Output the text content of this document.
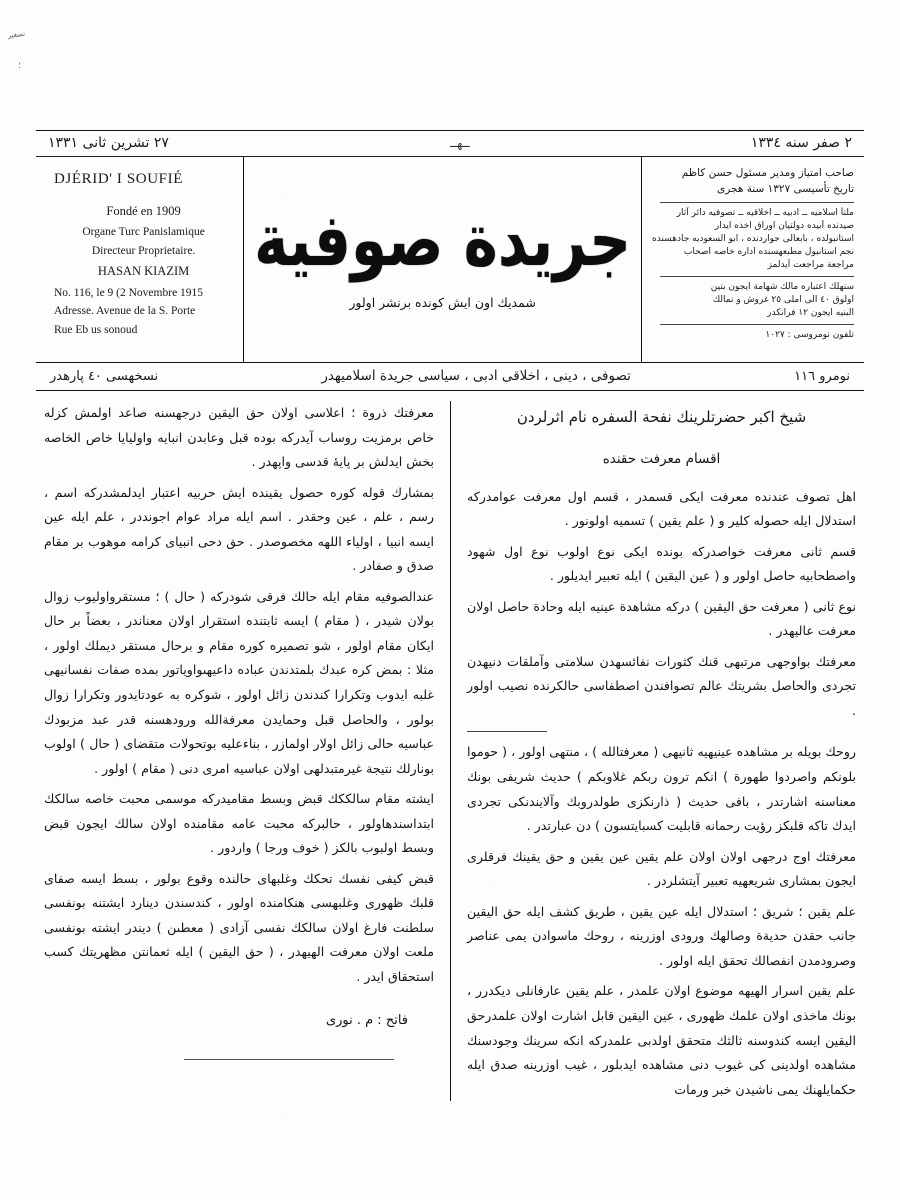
تصغير
؛
٢ صفر سنه ١٣٣٤
ــهــ
٢٧ تشرين ثانى ١٣٣١
صاحب امتياز ومدير مسئول حسن كاظم
تاريخ تأسيسى ١٣٢٧ سنة هجرى
ملتأ اسلاميه ــ ادبيه ــ اخلاقيه ــ تصوفيه دائر آثار
صيدنده آبيده دولتيان اوراق اخذه ايدار
استانبولده ، بابعالى جواردنده ، ابو السعوديه جادهسنده
نجم استانبول مطبعهسنده اداره خاصه اصحاب
مراجعة مراجعت آيدلمز
سنهلك اعتباره مالك شهامة ايجون بتين
اولوق ٤٠ الى املى ٢٥ غروش و نمالك
البنيه ايجون ١٢ فرانكدر
تلفون نومروسى : ١٠٢٧
جريدة صوفية
شمديك اون ايش كونده برنشر اولور
DJÉRID' I SOUFIÉ
Fondé en 1909
Organe Turc Panislamique
Directeur Proprietaire.
HASAN KIAZIM
No. 116, le 9 (2 Novembre 1915
Adresse. Avenue de la S. Porte
Rue Eb us sonoud
نومرو ١١٦
تصوفى ، دينى ، اخلاقى ادبى ، سياسى جريدة اسلاميهدر
نسخهسى ٤٠ پارهدر
شيخ اكبر حضرتلرينك نفحة السفره نام اثرلردن
اقسام معرفت حقنده
اهل تصوف عندنده معرفت ايكى قسمدر ، قسم اول معرفت عوامدرکه استدلال ايله حصوله كلير و ( علم يقين ) تسميه اولونور .
قسم ثانى معرفت خواصدركه بونده ايكى نوع اولوب نوع اول شهود واصطحابيه حاصل اولور و ( عين اليقين ) ايله تعبير ايديلور .
نوع ثانى ( معرفت حق اليقين ) دركه مشاهدة عينيه ايله وحادة حاصل اولان معرفت عاليهدر .
معرفتك بواوجهى مرتبهى قنك كثورات نفائسهدن سلامتى وآملقات دنيهدن تجردى والحاصل بشريتك عالم تصوافندن اصطفاسى حالكرنده نصيب اولور .
روحك بويله بر مشاهده عينيهيه ثانيهى ( معرفتالله ) ، منتهى اولور ، ( حوموا بلونكم واصردوا طهورة ) انكم ترون ربكم غلاوبكم ) حديث شريفى بونك معناسنه اشارتدر ، بافى حديث ( ذارنكزى طولدروبك وآلايندنكى تجردى ايدك تاكه قلبكز رؤيت رحمانه قابليت كسبايتسون ) دن عبارتدر .
معرفتك اوج درجهى اولان اولان علم يقين عين يقين و حق يقينك فرقلرى ايجون بمشارى شريعهيه تعبير آيتشلردر .
علم يقين ؛ شريق ؛ استدلال ايله عين يقين ، طريق كشف ايله حق اليقين جانب حقدن حديةة وصالهك ورودى اوزرينه ، روحك ماسوادن يمى عناصر وصرودمدن انفصالك تحقق ايله اولور .
علم يقين اسرار الهيهه موضوع اولان علمدر ، علم يقين عارفانلى ديكدرر ، بونك ماخذى اولان علمك ظهورى ، عين اليقين قابل اشارت اولان علمدرحق اليقين ايسه كندوسنه ثالثك متحقق اولدبى علمدركه انكه سرينك وجودسنك مشاهده اولدينى كى غيوب دنى مشاهده ايدبلور ، غيب اوزرينه صدق ايله حكمايلهنك يمى ناشيدن خبر ورمات
معرفتك ذروة ؛ اعلاسى اولان حق اليقين درجهسنه صاعد اولمش كزله خاص برمزيت روساب آیدرکه بوده قبل وعابدن انبايه واوليايا خاص الخاصه بخش ايدلش بر پايۀ قدسى واپهدر .
بمشارك قوله كوره حصول يقينده ايش حربيه اعتبار ايدلمشدرکه اسم ، رسم ، علم ، عين وحقدر . اسم ايله مراد عوام اجونددر ، علم ايله عين ايسه انبيا ، اولياء اللهه مخصوصدر . حق دحى انبياى كرامه موهوب بر مقام صدق و صفادر .
عندالصوفيه مقام ايله حالك فرقى شودركه ( حال ) ؛ مستقرواوليوب زوال بولان شيدر ، ( مقام ) ايسه ثابتنده استقرار اولان معناندر ، بعضاً بر حال ايكان مقام اولور ، شو تصميره كوره مقام و برحال مستقر ديملك اولور ، مثلا : بمض كره عبدك بلمتدندن عباده داعيهىواوياتور بمده صفات نفسانيهى غلبه ايدوب وتكرارا كندندن زائل اولور ، شوكره به عودتايدور وتكرارا زوال بولور ، والحاصل قبل وحمايدن معرفةالله ورودهسنه قدر عبد مزبودك عباسيه حالى زائل اولار اولمازر ، بناءعليه بوتحولات متقضاى ( حال ) اولوب بونارلك نتيجة غيرمتبدلهى اولان عباسيه امرى دنى ( مقام ) اولور .
ايشته مقام سالككك قبض وبسط مقاميدرکه موسمى محبت خاصه سالكك ابتداسندهاولور ، حالبركه محبت عامه مقامنده اولان سالك ايجون قبض وبسط اولبوب بالكز ( خوف ورجا ) واردور .
قبض كيفى نفسك تحكك وغلبهاى حالنده وقوع بولور ، بسط ايسه صفاى قلبك ظهورى وغلبهسى هنكامنده اولور ، كندسندن دينارد ايشتنه بونفسى سلطنت فارغ اولان سالكك نفسى آزادى ( معطىن ) ديندر ايشته بونفسى ملعت اولان معرفت الهيهدر ، ( حق اليقين ) ايله ثعمانتن مظهريتك كسب استحقاق ايدر .
فاتح : م . نورى
